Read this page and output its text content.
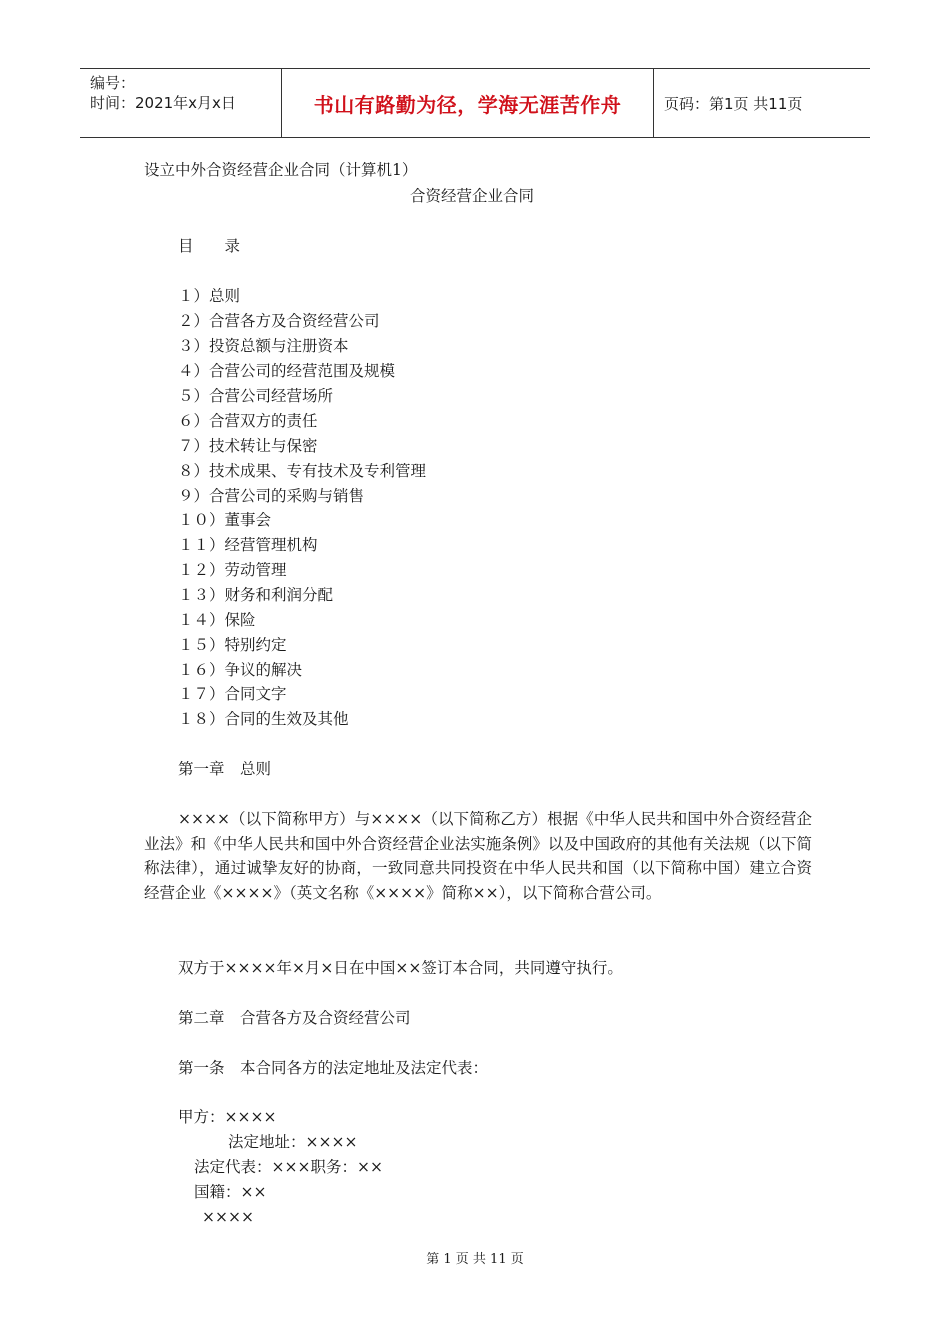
编号：
时间：2021年x月x日	书山有路勤为径，学海无涯苦作舟	页码：第1页 共11页
设立中外合资经营企业合同（计算机1）
合资经营企业合同
目　　录
１）总则
２）合营各方及合资经营公司
３）投资总额与注册资本
４）合营公司的经营范围及规模
５）合营公司经营场所
６）合营双方的责任
７）技术转让与保密
８）技术成果、专有技术及专利管理
９）合营公司的采购与销售
１０）董事会
１１）经营管理机构
１２）劳动管理
１３）财务和利润分配
１４）保险
１５）特别约定
１６）争议的解决
１７）合同文字
１８）合同的生效及其他
第一章　总则
××××（以下简称甲方）与××××（以下简称乙方）根据《中华人民共和国中外合资经营企业法》和《中华人民共和国中外合资经营企业法实施条例》以及中国政府的其他有关法规（以下简称法律），通过诚挚友好的协商，一致同意共同投资在中华人民共和国（以下简称中国）建立合资经营企业《××××》（英文名称《××××》简称××），以下简称合营公司。
双方于××××年×月×日在中国××签订本合同，共同遵守执行。
第二章　合营各方及合资经营公司
第一条　本合同各方的法定地址及法定代表：
甲方：××××
法定地址：××××
法定代表：×××职务：××
国籍：××
××××
第 1 页 共 11 页
